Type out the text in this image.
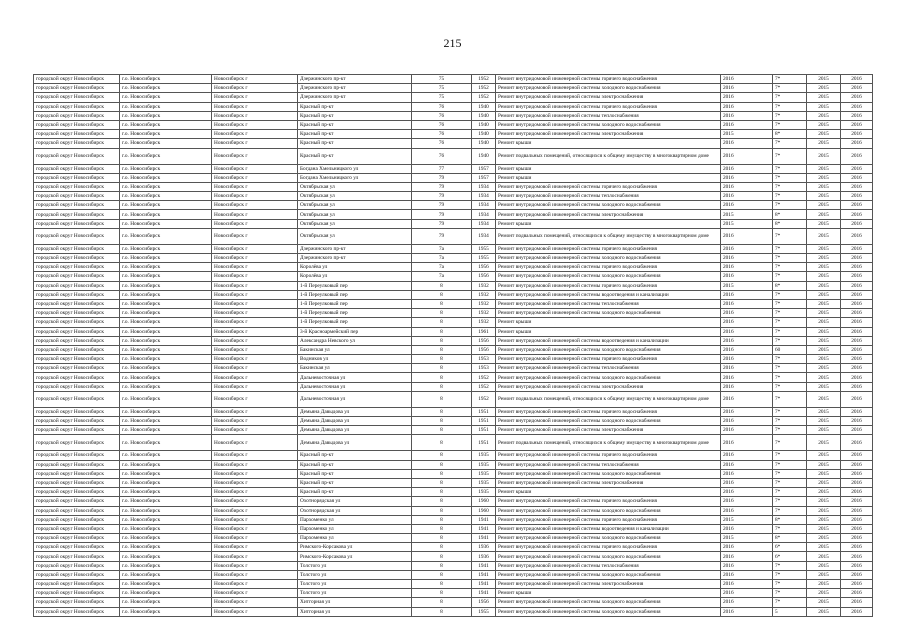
215
городской округ Новосибирск	г.о. Новосибирск	Новосибирск г	Дзержинского пр-кт	75	1952	Ремонт внутридомовой инженерной системы горячего водоснабжения	2016	7*	2015	2016
городской округ Новосибирск	г.о. Новосибирск	Новосибирск г	Дзержинского пр-кт	75	1952	Ремонт внутридомовой инженерной системы холодного водоснабжения	2016	7*	2015	2016
городской округ Новосибирск	г.о. Новосибирск	Новосибирск г	Дзержинского пр-кт	75	1952	Ремонт внутридомовой инженерной системы электроснабжения	2016	7*	2015	2016
городской округ Новосибирск	г.о. Новосибирск	Новосибирск г	Красный пр-кт	76	1940	Ремонт внутридомовой инженерной системы горячего водоснабжения	2016	7*	2015	2016
городской округ Новосибирск	г.о. Новосибирск	Новосибирск г	Красный пр-кт	76	1940	Ремонт внутридомовой инженерной системы теплоснабжения	2016	7*	2015	2016
городской округ Новосибирск	г.о. Новосибирск	Новосибирск г	Красный пр-кт	76	1940	Ремонт внутридомовой инженерной системы холодного водоснабжения	2016	7*	2015	2016
городской округ Новосибирск	г.о. Новосибирск	Новосибирск г	Красный пр-кт	76	1940	Ремонт внутридомовой инженерной системы электроснабжения	2015	8*	2015	2016
городской округ Новосибирск	г.о. Новосибирск	Новосибирск г	Красный пр-кт	76	1940	Ремонт крыши	2016	7*	2015	2016
городской округ Новосибирск	г.о. Новосибирск	Новосибирск г	Красный пр-кт	76	1940	Ремонт подвальных помещений, относящихся к общему имуществу в многоквартирном доме	2016	7*	2015	2016
городской округ Новосибирск	г.о. Новосибирск	Новосибирск г	Богдана Хмельницкого ул	77	1957	Ремонт крыши	2016	7*	2015	2016
городской округ Новосибирск	г.о. Новосибирск	Новосибирск г	Богдана Хмельницкого ул	79	1957	Ремонт крыши	2016	7*	2015	2016
городской округ Новосибирск	г.о. Новосибирск	Новосибирск г	Октябрьская ул	79	1934	Ремонт внутридомовой инженерной системы горячего водоснабжения	2016	7*	2015	2016
городской округ Новосибирск	г.о. Новосибирск	Новосибирск г	Октябрьская ул	79	1934	Ремонт внутридомовой инженерной системы теплоснабжения	2016	7*	2015	2016
городской округ Новосибирск	г.о. Новосибирск	Новосибирск г	Октябрьская ул	79	1934	Ремонт внутридомовой инженерной системы холодного водоснабжения	2016	7*	2015	2016
городской округ Новосибирск	г.о. Новосибирск	Новосибирск г	Октябрьская ул	79	1934	Ремонт внутридомовой инженерной системы электроснабжения	2015	8*	2015	2016
городской округ Новосибирск	г.о. Новосибирск	Новосибирск г	Октябрьская ул	79	1934	Ремонт крыши	2015	8*	2015	2016
городской округ Новосибирск	г.о. Новосибирск	Новосибирск г	Октябрьская ул	79	1934	Ремонт подвальных помещений, относящихся к общему имуществу в многоквартирном доме	2016	7*	2015	2016
городской округ Новосибирск	г.о. Новосибирск	Новосибирск г	Дзержинского пр-кт	7а	1955	Ремонт внутридомовой инженерной системы горячего водоснабжения	2016	7*	2015	2016
городской округ Новосибирск	г.о. Новосибирск	Новосибирск г	Дзержинского пр-кт	7а	1955	Ремонт внутридомовой инженерной системы холодного водоснабжения	2016	7*	2015	2016
городской округ Новосибирск	г.о. Новосибирск	Новосибирск г	Королёва ул	7а	1956	Ремонт внутридомовой инженерной системы горячего водоснабжения	2016	7*	2015	2016
городской округ Новосибирск	г.о. Новосибирск	Новосибирск г	Королёва ул	7а	1956	Ремонт внутридомовой инженерной системы холодного водоснабжения	2016	7*	2015	2016
городской округ Новосибирск	г.о. Новосибирск	Новосибирск г	1-й Переулковый пер	8	1932	Ремонт внутридомовой инженерной системы горячего водоснабжения	2015	8*	2015	2016
городской округ Новосибирск	г.о. Новосибирск	Новосибирск г	1-й Переулковый пер	8	1932	Ремонт внутридомовой инженерной системы водоотведения и канализации	2016	7*	2015	2016
городской округ Новосибирск	г.о. Новосибирск	Новосибирск г	1-й Переулковый пер	8	1932	Ремонт внутридомовой инженерной системы теплоснабжения	2016	7*	2015	2016
городской округ Новосибирск	г.о. Новосибирск	Новосибирск г	1-й Переулковый пер	8	1932	Ремонт внутридомовой инженерной системы холодного водоснабжения	2016	7*	2015	2016
городской округ Новосибирск	г.о. Новосибирск	Новосибирск г	1-й Переулковый пер	8	1932	Ремонт крыши	2016	7*	2015	2016
городской округ Новосибирск	г.о. Новосибирск	Новосибирск г	3-й Красноармейский пер	8	1961	Ремонт крыши	2016	7*	2015	2016
городской округ Новосибирск	г.о. Новосибирск	Новосибирск г	Александра Невского ул	8	1956	Ремонт внутридомовой инженерной системы водоотведения и канализации	2016	7*	2015	2016
городской округ Новосибирск	г.о. Новосибирск	Новосибирск г	Бакинская ул	8	1956	Ремонт внутридомовой инженерной системы холодного водоснабжения	2016	60	2015	2016
городской округ Новосибирск	г.о. Новосибирск	Новосибирск г	Водников ул	8	1953	Ремонт внутридомовой инженерной системы горячего водоснабжения	2016	7*	2015	2016
городской округ Новосибирск	г.о. Новосибирск	Новосибирск г	Бакинская ул	8	1953	Ремонт внутридомовой инженерной системы теплоснабжения	2016	7*	2015	2016
городской округ Новосибирск	г.о. Новосибирск	Новосибирск г	Дальневосточная ул	8	1952	Ремонт внутридомовой инженерной системы холодного водоснабжения	2016	7*	2015	2016
городской округ Новосибирск	г.о. Новосибирск	Новосибирск г	Дальневосточная ул	8	1952	Ремонт внутридомовой инженерной системы электроснабжения	2016	7*	2015	2016
городской округ Новосибирск	г.о. Новосибирск	Новосибирск г	Дальневосточная ул	8	1952	Ремонт подвальных помещений, относящихся к общему имуществу в многоквартирном доме	2016	7*	2015	2016
городской округ Новосибирск	г.о. Новосибирск	Новосибирск г	Демьяна Давыдова ул	8	1951	Ремонт внутридомовой инженерной системы горячего водоснабжения	2016	7*	2015	2016
городской округ Новосибирск	г.о. Новосибирск	Новосибирск г	Демьяна Давыдова ул	8	1951	Ремонт внутридомовой инженерной системы холодного водоснабжения	2016	7*	2015	2016
городской округ Новосибирск	г.о. Новосибирск	Новосибирск г	Демьяна Давыдова ул	8	1951	Ремонт внутридомовой инженерной системы электроснабжения	2016	7*	2015	2016
городской округ Новосибирск	г.о. Новосибирск	Новосибирск г	Демьяна Давыдова ул	8	1951	Ремонт подвальных помещений, относящихся к общему имуществу в многоквартирном доме	2016	7*	2015	2016
городской округ Новосибирск	г.о. Новосибирск	Новосибирск г	Красный пр-кт	8	1935	Ремонт внутридомовой инженерной системы горячего водоснабжения	2016	7*	2015	2016
городской округ Новосибирск	г.о. Новосибирск	Новосибирск г	Красный пр-кт	8	1935	Ремонт внутридомовой инженерной системы теплоснабжения	2016	7*	2015	2016
городской округ Новосибирск	г.о. Новосибирск	Новосибирск г	Красный пр-кт	8	1935	Ремонт внутридомовой инженерной системы холодного водоснабжения	2016	7*	2015	2016
городской округ Новосибирск	г.о. Новосибирск	Новосибирск г	Красный пр-кт	8	1935	Ремонт внутридомовой инженерной системы электроснабжения	2016	7*	2015	2016
городской округ Новосибирск	г.о. Новосибирск	Новосибирск г	Красный пр-кт	8	1935	Ремонт крыши	2016	7*	2015	2016
городской округ Новосибирск	г.о. Новосибирск	Новосибирск г	Охотнорядская ул	8	1960	Ремонт внутридомовой инженерной системы горячего водоснабжения	2016	7*	2015	2016
городской округ Новосибирск	г.о. Новосибирск	Новосибирск г	Охотнорядская ул	8	1960	Ремонт внутридомовой инженерной системы холодного водоснабжения	2016	7*	2015	2016
городской округ Новосибирск	г.о. Новосибирск	Новосибирск г	Пархоменко ул	8	1941	Ремонт внутридомовой инженерной системы горячего водоснабжения	2015	8*	2015	2016
городской округ Новосибирск	г.о. Новосибирск	Новосибирск г	Пархоменко ул	8	1941	Ремонт внутридомовой инженерной системы водоотведения и канализации	2016	7*	2015	2016
городской округ Новосибирск	г.о. Новосибирск	Новосибирск г	Пархоменко ул	8	1941	Ремонт внутридомовой инженерной системы холодного водоснабжения	2015	8*	2015	2016
городской округ Новосибирск	г.о. Новосибирск	Новосибирск г	Римского-Корсакова ул	8	1936	Ремонт внутридомовой инженерной системы горячего водоснабжения	2016	6*	2015	2016
городской округ Новосибирск	г.о. Новосибирск	Новосибирск г	Римского-Корсакова ул	8	1936	Ремонт внутридомовой инженерной системы холодного водоснабжения	2016	6*	2015	2016
городской округ Новосибирск	г.о. Новосибирск	Новосибирск г	Толстого ул	8	1941	Ремонт внутридомовой инженерной системы теплоснабжения	2016	7*	2015	2016
городской округ Новосибирск	г.о. Новосибирск	Новосибирск г	Толстого ул	8	1941	Ремонт внутридомовой инженерной системы холодного водоснабжения	2016	7*	2015	2016
городской округ Новосибирск	г.о. Новосибирск	Новосибирск г	Толстого ул	8	1941	Ремонт внутридомовой инженерной системы электроснабжения	2016	7*	2015	2016
городской округ Новосибирск	г.о. Новосибирск	Новосибирск г	Толстого ул	8	1941	Ремонт крыши	2016	7*	2015	2016
городской округ Новосибирск	г.о. Новосибирск	Новосибирск г	Хитгорная ул	8	1956	Ремонт внутридомовой инженерной системы холодного водоснабжения	2016	7*	2015	2016
городской округ Новосибирск	г.о. Новосибирск	Новосибирск г	Хитгорная ул	8	1955	Ремонт внутридомовой инженерной системы холодного водоснабжения	2016	5	2015	2016
